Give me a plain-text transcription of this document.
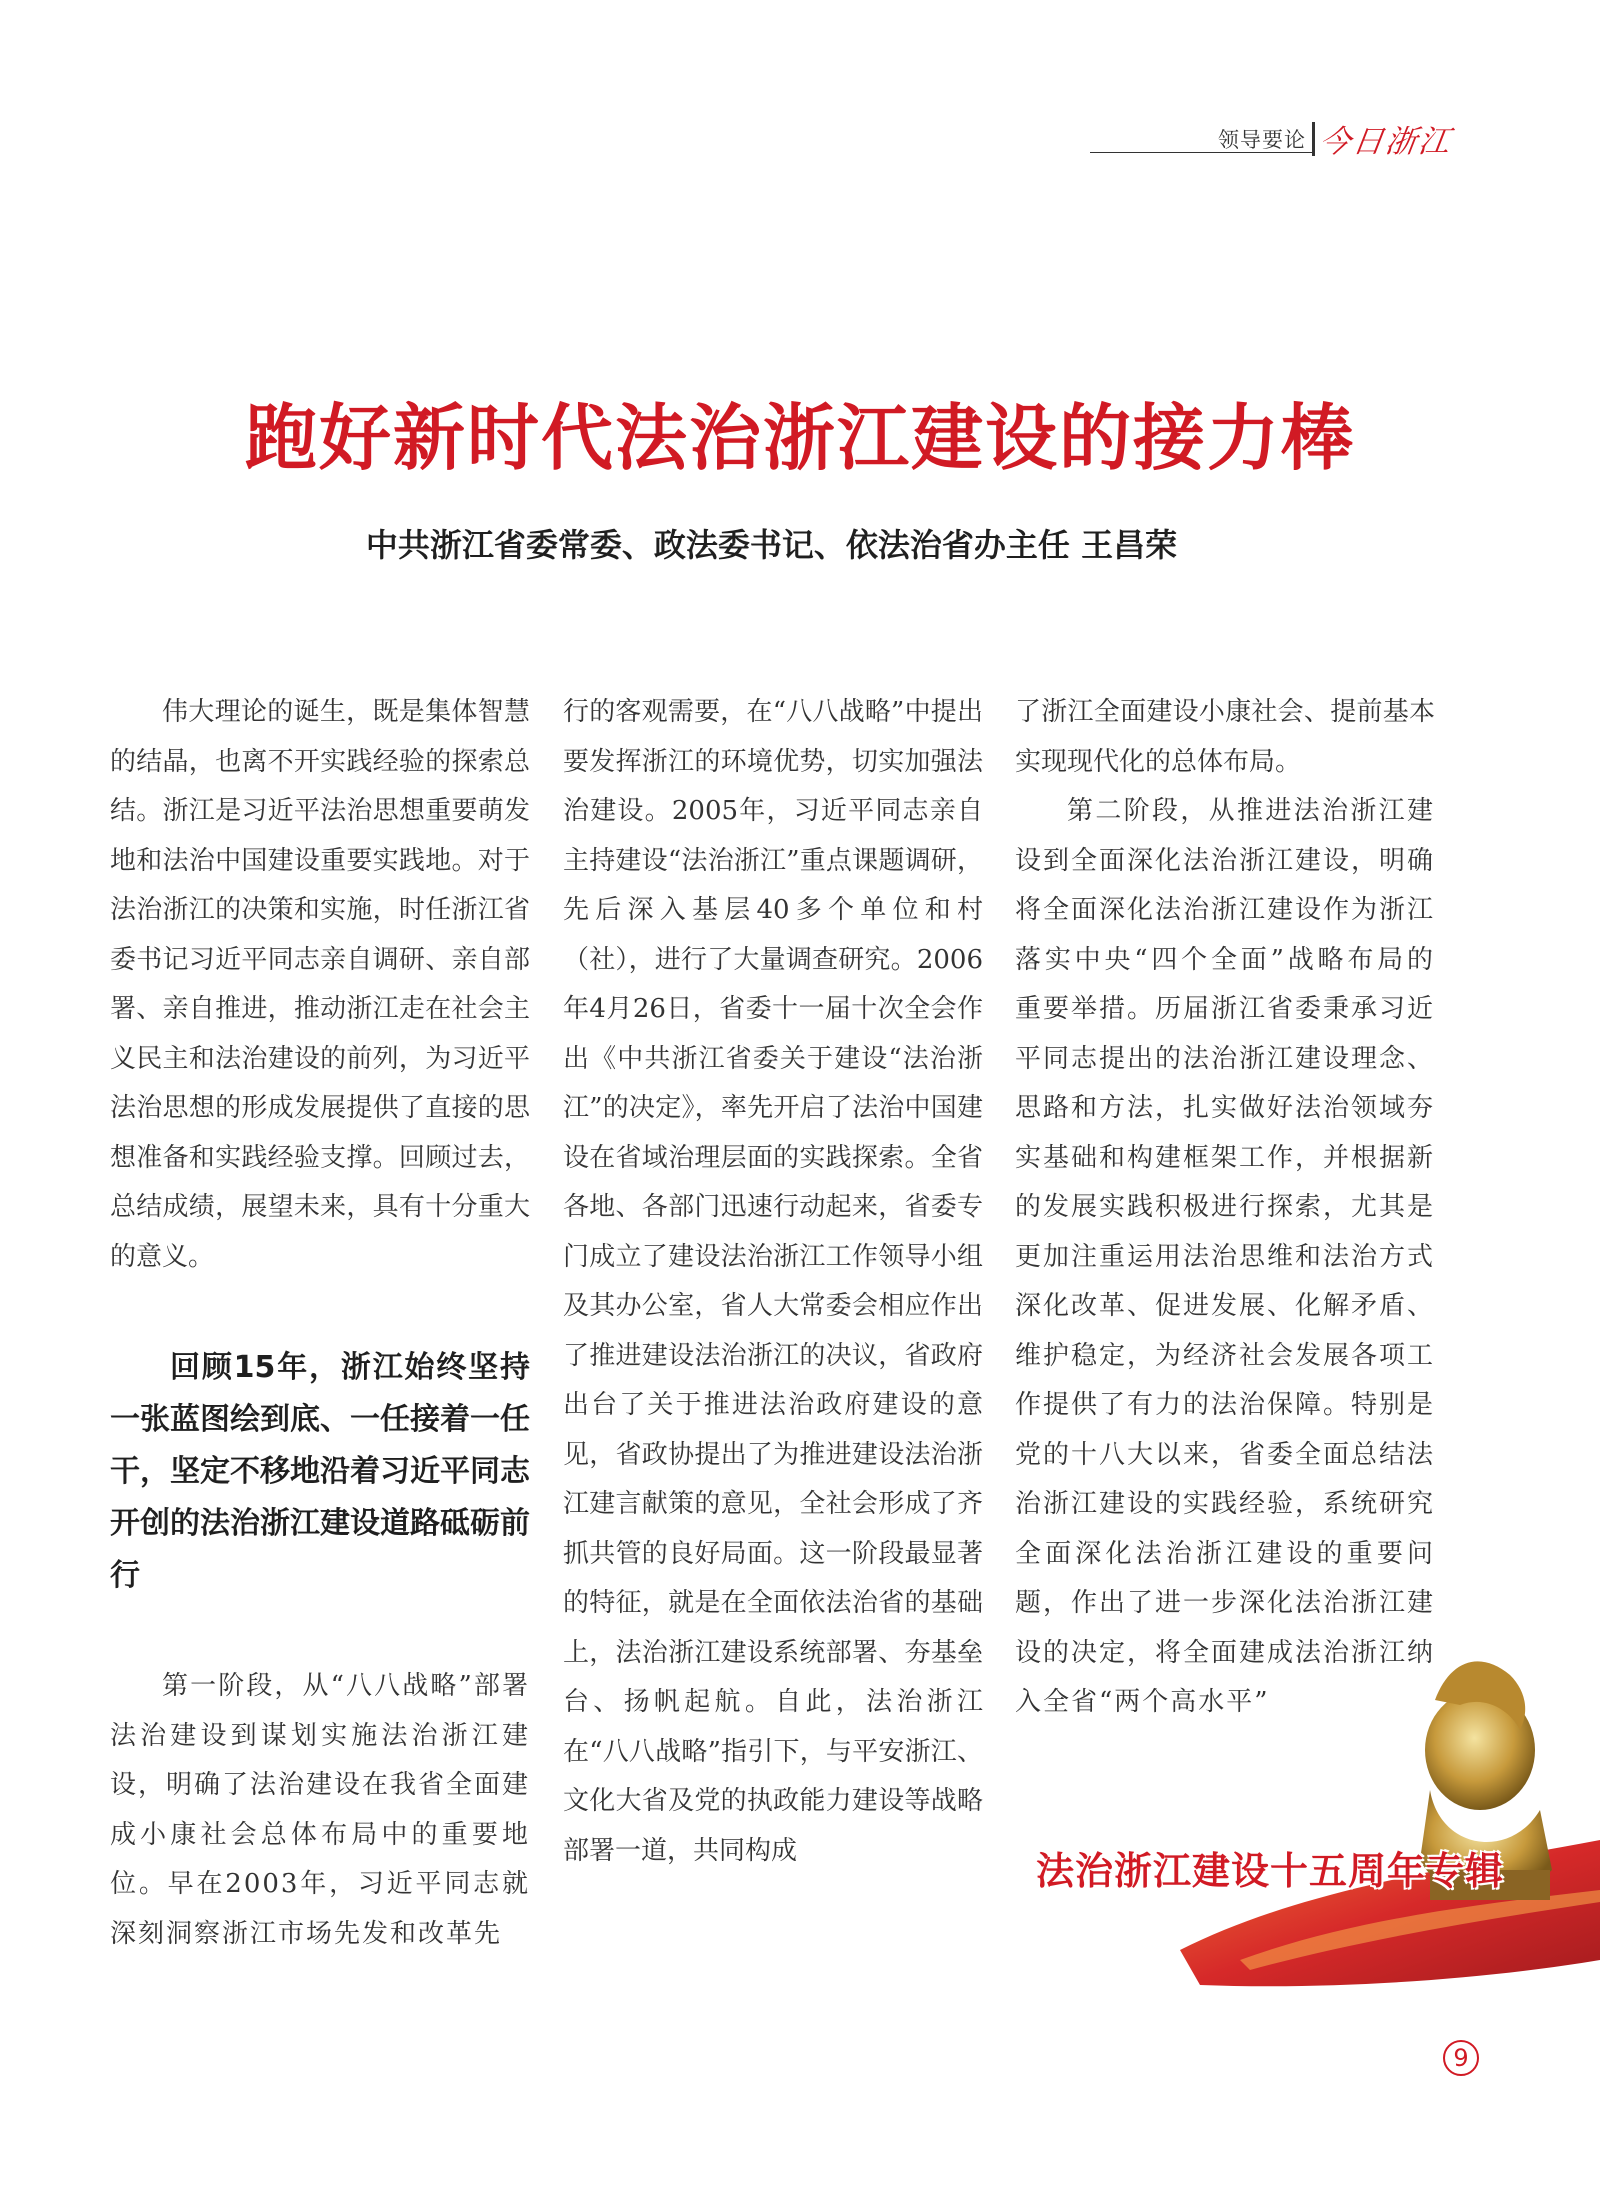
领导要论 今日浙江
跑好新时代法治浙江建设的接力棒
中共浙江省委常委、政法委书记、依法治省办主任 王昌荣

伟大理论的诞生，既是集体智慧的结晶，也离不开实践经验的探索总结。浙江是习近平法治思想重要萌发地和法治中国建设重要实践地。对于法治浙江的决策和实施，时任浙江省委书记习近平同志亲自调研、亲自部署、亲自推进，推动浙江走在社会主义民主和法治建设的前列，为习近平法治思想的形成发展提供了直接的思想准备和实践经验支撑。回顾过去，总结成绩，展望未来，具有十分重大的意义。

回顾15年，浙江始终坚持一张蓝图绘到底、一任接着一任干，坚定不移地沿着习近平同志开创的法治浙江建设道路砥砺前行

第一阶段，从“八八战略”部署法治建设到谋划实施法治浙江建设，明确了法治建设在我省全面建成小康社会总体布局中的重要地位。早在2003年，习近平同志就深刻洞察浙江市场先发和改革先

行的客观需要，在“八八战略”中提出要发挥浙江的环境优势，切实加强法治建设。2005年，习近平同志亲自主持建设“法治浙江”重点课题调研，先后深入基层40多个单位和村（社），进行了大量调查研究。2006年4月26日，省委十一届十次全会作出《中共浙江省委关于建设“法治浙江”的决定》，率先开启了法治中国建设在省域治理层面的实践探索。全省各地、各部门迅速行动起来，省委专门成立了建设法治浙江工作领导小组及其办公室，省人大常委会相应作出了推进建设法治浙江的决议，省政府出台了关于推进法治政府建设的意见，省政协提出了为推进建设法治浙江建言献策的意见，全社会形成了齐抓共管的良好局面。这一阶段最显著的特征，就是在全面依法治省的基础上，法治浙江建设系统部署、夯基垒台、扬帆起航。自此，法治浙江在“八八战略”指引下，与平安浙江、文化大省及党的执政能力建设等战略部署一道，共同构成

了浙江全面建设小康社会、提前基本实现现代化的总体布局。

第二阶段，从推进法治浙江建设到全面深化法治浙江建设，明确将全面深化法治浙江建设作为浙江落实中央“四个全面”战略布局的重要举措。历届浙江省委秉承习近平同志提出的法治浙江建设理念、思路和方法，扎实做好法治领域夯实基础和构建框架工作，并根据新的发展实践积极进行探索，尤其是更加注重运用法治思维和法治方式深化改革、促进发展、化解矛盾、维护稳定，为经济社会发展各项工作提供了有力的法治保障。特别是党的十八大以来，省委全面总结法治浙江建设的实践经验，系统研究全面深化法治浙江建设的重要问题，作出了进一步深化法治浙江建设的决定，将全面建成法治浙江纳入全省“两个高水平”

法治浙江建设十五周年专辑
9
